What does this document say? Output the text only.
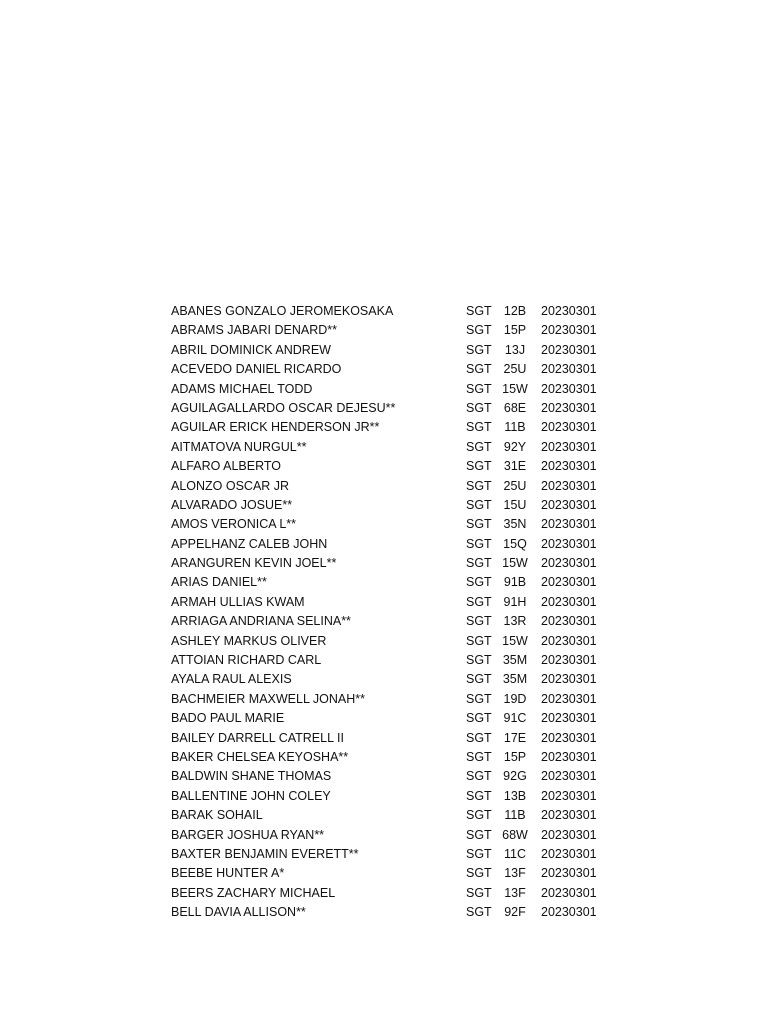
ABANES GONZALO JEROMEKOSAKA	SGT 12B	20230301
ABRAMS JABARI DENARD**	SGT 15P	20230301
ABRIL DOMINICK ANDREW	SGT	13J	20230301
ACEVEDO DANIEL RICARDO	SGT 25U	20230301
ADAMS MICHAEL TODD	SGT 15W	20230301
AGUILAGALLARDO OSCAR DEJESU**	SGT 68E	20230301
AGUILAR ERICK HENDERSON JR**	SGT	11B	20230301
AITMATOVA NURGUL**	SGT 92Y	20230301
ALFARO ALBERTO	SGT 31E	20230301
ALONZO OSCAR JR	SGT 25U	20230301
ALVARADO JOSUE**	SGT 15U	20230301
AMOS VERONICA L**	SGT 35N	20230301
APPELHANZ CALEB JOHN	SGT 15Q	20230301
ARANGUREN KEVIN JOEL**	SGT 15W	20230301
ARIAS DANIEL**	SGT 91B	20230301
ARMAH ULLIAS KWAM	SGT 91H	20230301
ARRIAGA ANDRIANA SELINA**	SGT 13R	20230301
ASHLEY MARKUS OLIVER	SGT 15W	20230301
ATTOIAN RICHARD CARL	SGT 35M	20230301
AYALA RAUL ALEXIS	SGT 35M	20230301
BACHMEIER MAXWELL JONAH**	SGT 19D	20230301
BADO PAUL MARIE	SGT 91C	20230301
BAILEY DARRELL CATRELL II	SGT 17E	20230301
BAKER CHELSEA KEYOSHA**	SGT 15P	20230301
BALDWIN SHANE THOMAS	SGT 92G	20230301
BALLENTINE JOHN COLEY	SGT 13B	20230301
BARAK SOHAIL	SGT	11B	20230301
BARGER JOSHUA RYAN**	SGT 68W	20230301
BAXTER BENJAMIN EVERETT**	SGT 11C	20230301
BEEBE HUNTER A*	SGT	13F	20230301
BEERS ZACHARY MICHAEL	SGT	13F	20230301
BELL DAVIA ALLISON**	SGT	92F	20230301
